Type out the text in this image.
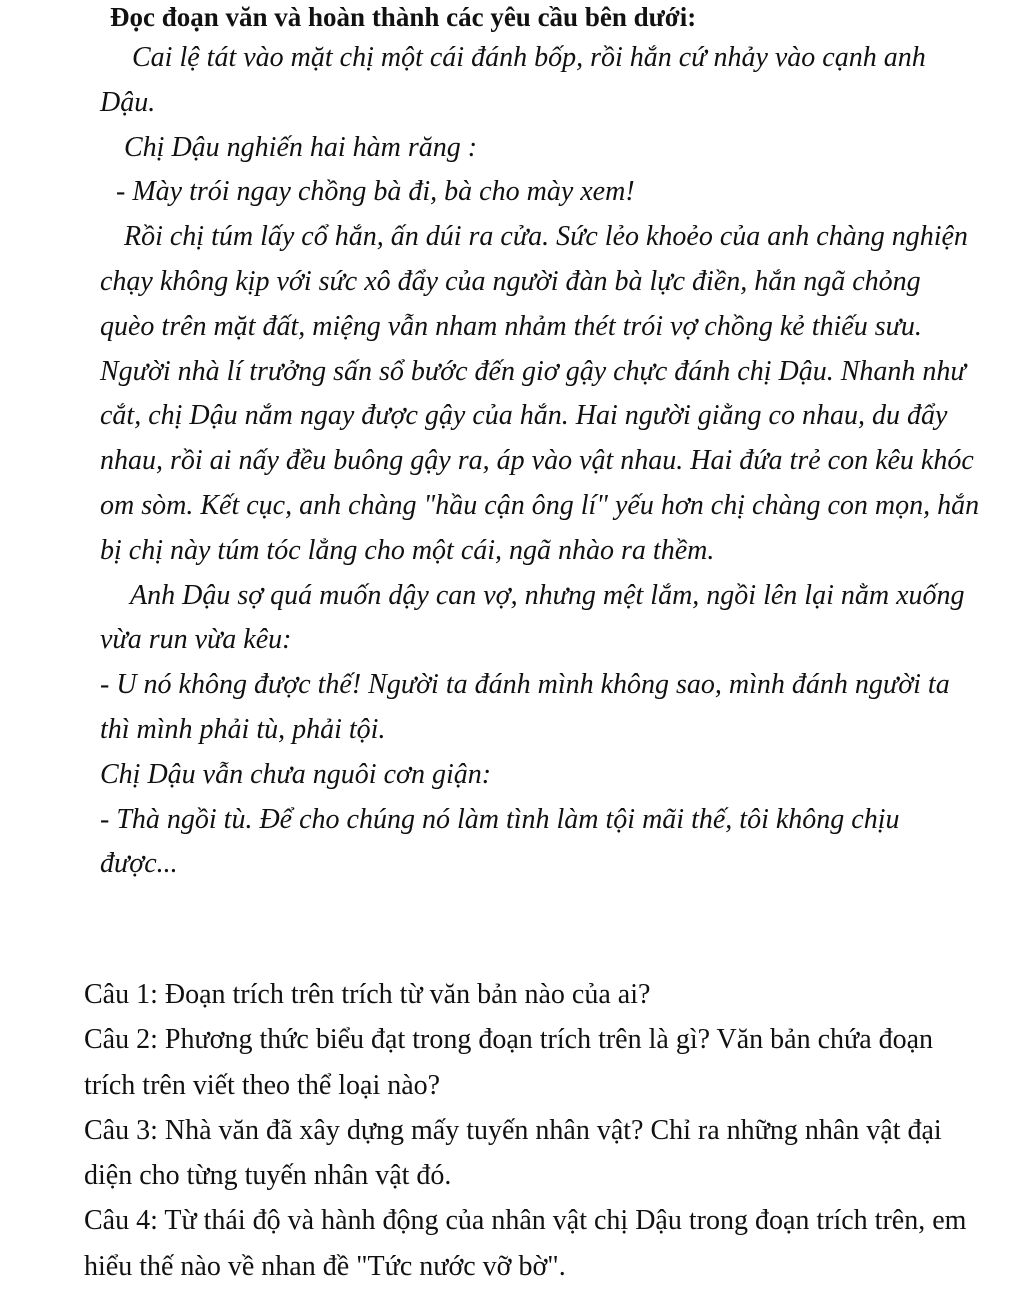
Đọc đoạn văn và hoàn thành các yêu cầu bên dưới:

Cai lệ tát vào mặt chị một cái đánh bốp, rồi hắn cứ nhảy vào cạnh anh Dậu.

Chị Dậu nghiến hai hàm răng :

- Mày trói ngay chồng bà đi, bà cho mày xem!

Rồi chị túm lấy cổ hắn, ấn dúi ra cửa. Sức lẻo khoẻo của anh chàng nghiện chạy không kịp với sức xô đẩy của người đàn bà lực điền, hắn ngã chỏng quèo trên mặt đất, miệng vẫn nham nhảm thét trói vợ chồng kẻ thiếu sưu.

Người nhà lí trưởng sấn sổ bước đến giơ gậy chực đánh chị Dậu. Nhanh như cắt, chị Dậu nắm ngay được gậy của hắn. Hai người giằng co nhau, du đẩy nhau, rồi ai nấy đều buông gậy ra, áp vào vật nhau. Hai đứa trẻ con kêu khóc om sòm. Kết cục, anh chàng "hầu cận ông lí" yếu hơn chị chàng con mọn, hắn bị chị này túm tóc lẳng cho một cái, ngã nhào ra thềm.

Anh Dậu sợ quá muốn dậy can vợ, nhưng mệt lắm, ngồi lên lại nằm xuống vừa run vừa kêu:

- U nó không được thế! Người ta đánh mình không sao, mình đánh người ta thì mình phải tù, phải tội.

Chị Dậu vẫn chưa nguôi cơn giận:

- Thà ngồi tù. Để cho chúng nó làm tình làm tội mãi thế, tôi không chịu được...

Câu 1: Đoạn trích trên trích từ văn bản nào của ai?

Câu 2: Phương thức biểu đạt trong đoạn trích trên là gì? Văn bản chứa đoạn trích trên viết theo thể loại nào?

Câu 3: Nhà văn đã xây dựng mấy tuyến nhân vật? Chỉ ra những nhân vật đại diện cho từng tuyến nhân vật đó.

Câu 4: Từ thái độ và hành động của nhân vật chị Dậu trong đoạn trích trên, em hiểu thế nào về nhan đề "Tức nước vỡ bờ".
